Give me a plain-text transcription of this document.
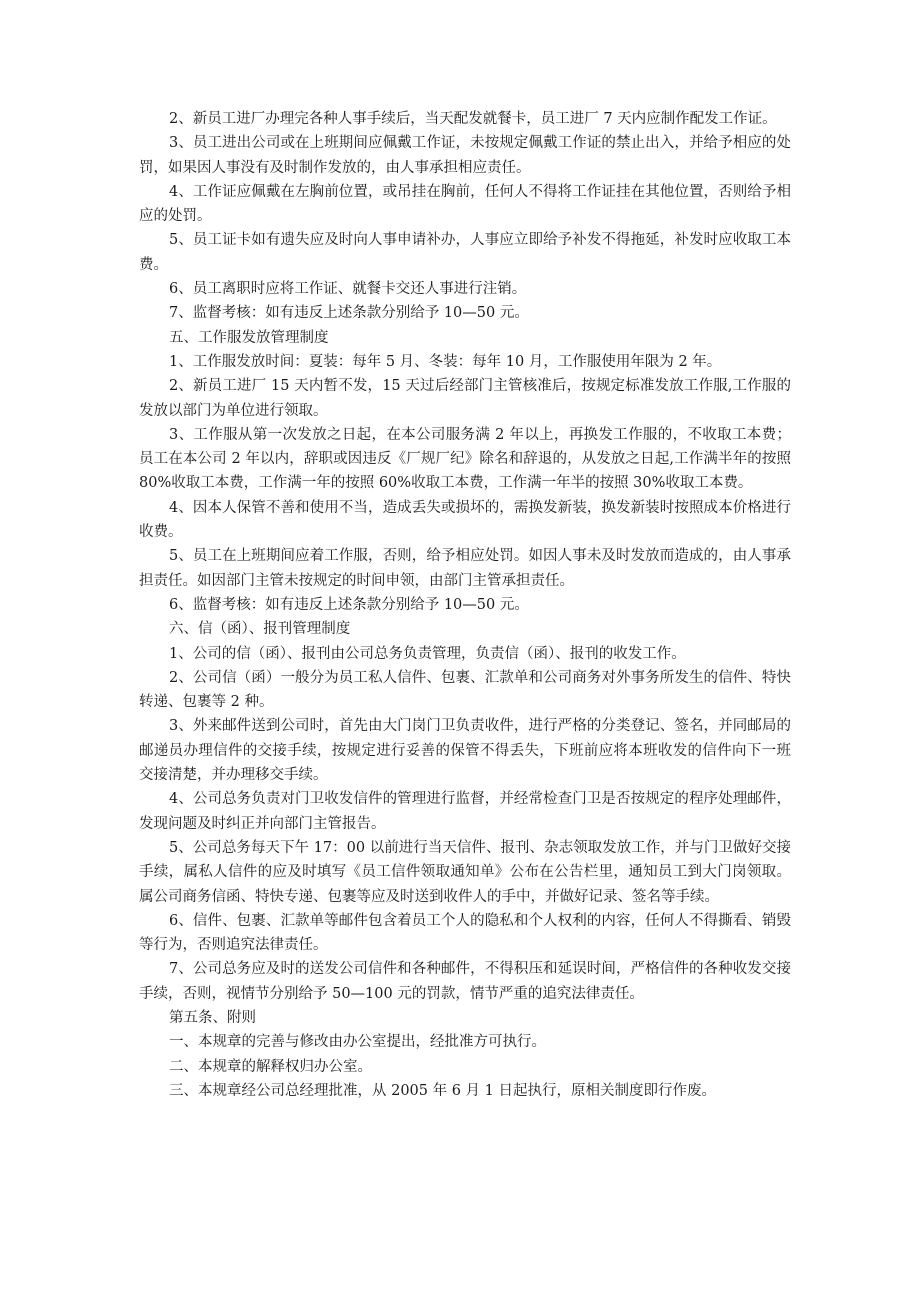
2、新员工进厂办理完各种人事手续后，当天配发就餐卡，员工进厂 7 天内应制作配发工作证。

3、员工进出公司或在上班期间应佩戴工作证，未按规定佩戴工作证的禁止出入，并给予相应的处罚，如果因人事没有及时制作发放的，由人事承担相应责任。

4、工作证应佩戴在左胸前位置，或吊挂在胸前，任何人不得将工作证挂在其他位置，否则给予相应的处罚。

5、员工证卡如有遗失应及时向人事申请补办，人事应立即给予补发不得拖延，补发时应收取工本费。

6、员工离职时应将工作证、就餐卡交还人事进行注销。

7、监督考核：如有违反上述条款分别给予 10—50 元。

五、工作服发放管理制度

1、工作服发放时间：夏装：每年 5 月、冬装：每年 10 月，工作服使用年限为 2 年。

2、新员工进厂 15 天内暂不发，15 天过后经部门主管核准后，按规定标准发放工作服,工作服的发放以部门为单位进行领取。

3、工作服从第一次发放之日起，在本公司服务满 2 年以上，再换发工作服的，不收取工本费；员工在本公司 2 年以内，辞职或因违反《厂规厂纪》除名和辞退的，从发放之日起,工作满半年的按照 80%收取工本费，工作满一年的按照 60%收取工本费，工作满一年半的按照 30%收取工本费。

4、因本人保管不善和使用不当，造成丢失或损坏的，需换发新装，换发新装时按照成本价格进行收费。

5、员工在上班期间应着工作服，否则，给予相应处罚。如因人事未及时发放而造成的，由人事承担责任。如因部门主管未按规定的时间申领，由部门主管承担责任。

6、监督考核：如有违反上述条款分别给予 10—50 元。

六、信（函）、报刊管理制度

1、公司的信（函）、报刊由公司总务负责管理，负责信（函）、报刊的收发工作。

2、公司信（函）一般分为员工私人信件、包裹、汇款单和公司商务对外事务所发生的信件、特快转递、包裹等 2 种。

3、外来邮件送到公司时，首先由大门岗门卫负责收件，进行严格的分类登记、签名，并同邮局的邮递员办理信件的交接手续，按规定进行妥善的保管不得丢失，下班前应将本班收发的信件向下一班交接清楚，并办理移交手续。

4、公司总务负责对门卫收发信件的管理进行监督，并经常检查门卫是否按规定的程序处理邮件，发现问题及时纠正并向部门主管报告。

5、公司总务每天下午 17：00 以前进行当天信件、报刊、杂志领取发放工作，并与门卫做好交接手续，属私人信件的应及时填写《员工信件领取通知单》公布在公告栏里，通知员工到大门岗领取。属公司商务信函、特快专递、包裹等应及时送到收件人的手中，并做好记录、签名等手续。

6、信件、包裹、汇款单等邮件包含着员工个人的隐私和个人权利的内容，任何人不得撕看、销毁等行为，否则追究法律责任。

7、公司总务应及时的送发公司信件和各种邮件，不得积压和延误时间，严格信件的各种收发交接手续，否则，视情节分别给予 50—100 元的罚款，情节严重的追究法律责任。

第五条、附则

一、本规章的完善与修改由办公室提出，经批准方可执行。

二、本规章的解释权归办公室。

三、本规章经公司总经理批准，从 2005 年 6 月 1 日起执行，原相关制度即行作废。
